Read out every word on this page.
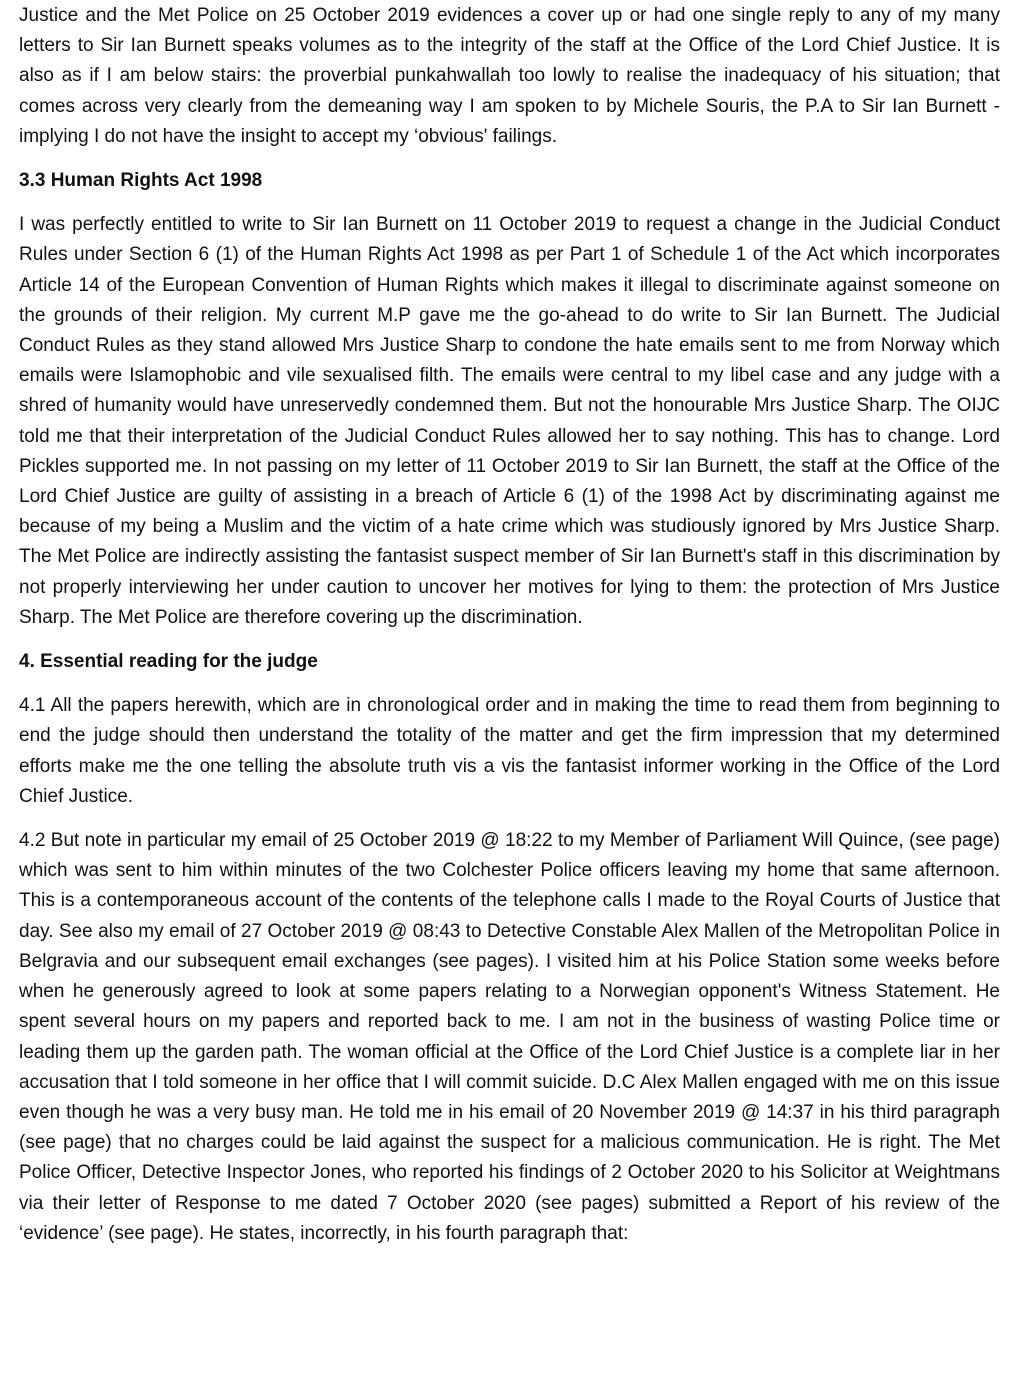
Justice and the Met Police on 25 October 2019 evidences a cover up or had one single reply to any of my many letters to Sir Ian Burnett speaks volumes as to the integrity of the staff at the Office of the Lord Chief Justice. It is also as if I am below stairs: the proverbial punkahwallah too lowly to realise the inadequacy of his situation; that comes across very clearly from the demeaning way I am spoken to by Michele Souris, the P.A to Sir Ian Burnett - implying I do not have the insight to accept my ‘obvious' failings.

3.3 Human Rights Act 1998

I was perfectly entitled to write to Sir Ian Burnett on 11 October 2019 to request a change in the Judicial Conduct Rules under Section 6 (1) of the Human Rights Act 1998 as per Part 1 of Schedule 1 of the Act which incorporates Article 14 of the European Convention of Human Rights which makes it illegal to discriminate against someone on the grounds of their religion. My current M.P gave me the go-ahead to do write to Sir Ian Burnett. The Judicial Conduct Rules as they stand allowed Mrs Justice Sharp to condone the hate emails sent to me from Norway which emails were Islamophobic and vile sexualised filth. The emails were central to my libel case and any judge with a shred of humanity would have unreservedly condemned them. But not the honourable Mrs Justice Sharp. The OIJC told me that their interpretation of the Judicial Conduct Rules allowed her to say nothing. This has to change. Lord Pickles supported me. In not passing on my letter of 11 October 2019 to Sir Ian Burnett, the staff at the Office of the Lord Chief Justice are guilty of assisting in a breach of Article 6 (1) of the 1998 Act by discriminating against me because of my being a Muslim and the victim of a hate crime which was studiously ignored by Mrs Justice Sharp. The Met Police are indirectly assisting the fantasist suspect member of Sir Ian Burnett's staff in this discrimination by not properly interviewing her under caution to uncover her motives for lying to them: the protection of Mrs Justice Sharp. The Met Police are therefore covering up the discrimination.

4. Essential reading for the judge

4.1 All the papers herewith, which are in chronological order and in making the time to read them from beginning to end the judge should then understand the totality of the matter and get the firm impression that my determined efforts make me the one telling the absolute truth vis a vis the fantasist informer working in the Office of the Lord Chief Justice.

4.2 But note in particular my email of 25 October 2019 @ 18:22 to my Member of Parliament Will Quince, (see page) which was sent to him within minutes of the two Colchester Police officers leaving my home that same afternoon. This is a contemporaneous account of the contents of the telephone calls I made to the Royal Courts of Justice that day. See also my email of 27 October 2019 @ 08:43 to Detective Constable Alex Mallen of the Metropolitan Police in Belgravia and our subsequent email exchanges (see pages). I visited him at his Police Station some weeks before when he generously agreed to look at some papers relating to a Norwegian opponent's Witness Statement. He spent several hours on my papers and reported back to me. I am not in the business of wasting Police time or leading them up the garden path. The woman official at the Office of the Lord Chief Justice is a complete liar in her accusation that I told someone in her office that I will commit suicide. D.C Alex Mallen engaged with me on this issue even though he was a very busy man. He told me in his email of 20 November 2019 @ 14:37 in his third paragraph (see page) that no charges could be laid against the suspect for a malicious communication. He is right. The Met Police Officer, Detective Inspector Jones, who reported his findings of 2 October 2020 to his Solicitor at Weightmans via their letter of Response to me dated 7 October 2020 (see pages) submitted a Report of his review of the ‘evidence’ (see page). He states, incorrectly, in his fourth paragraph that:
